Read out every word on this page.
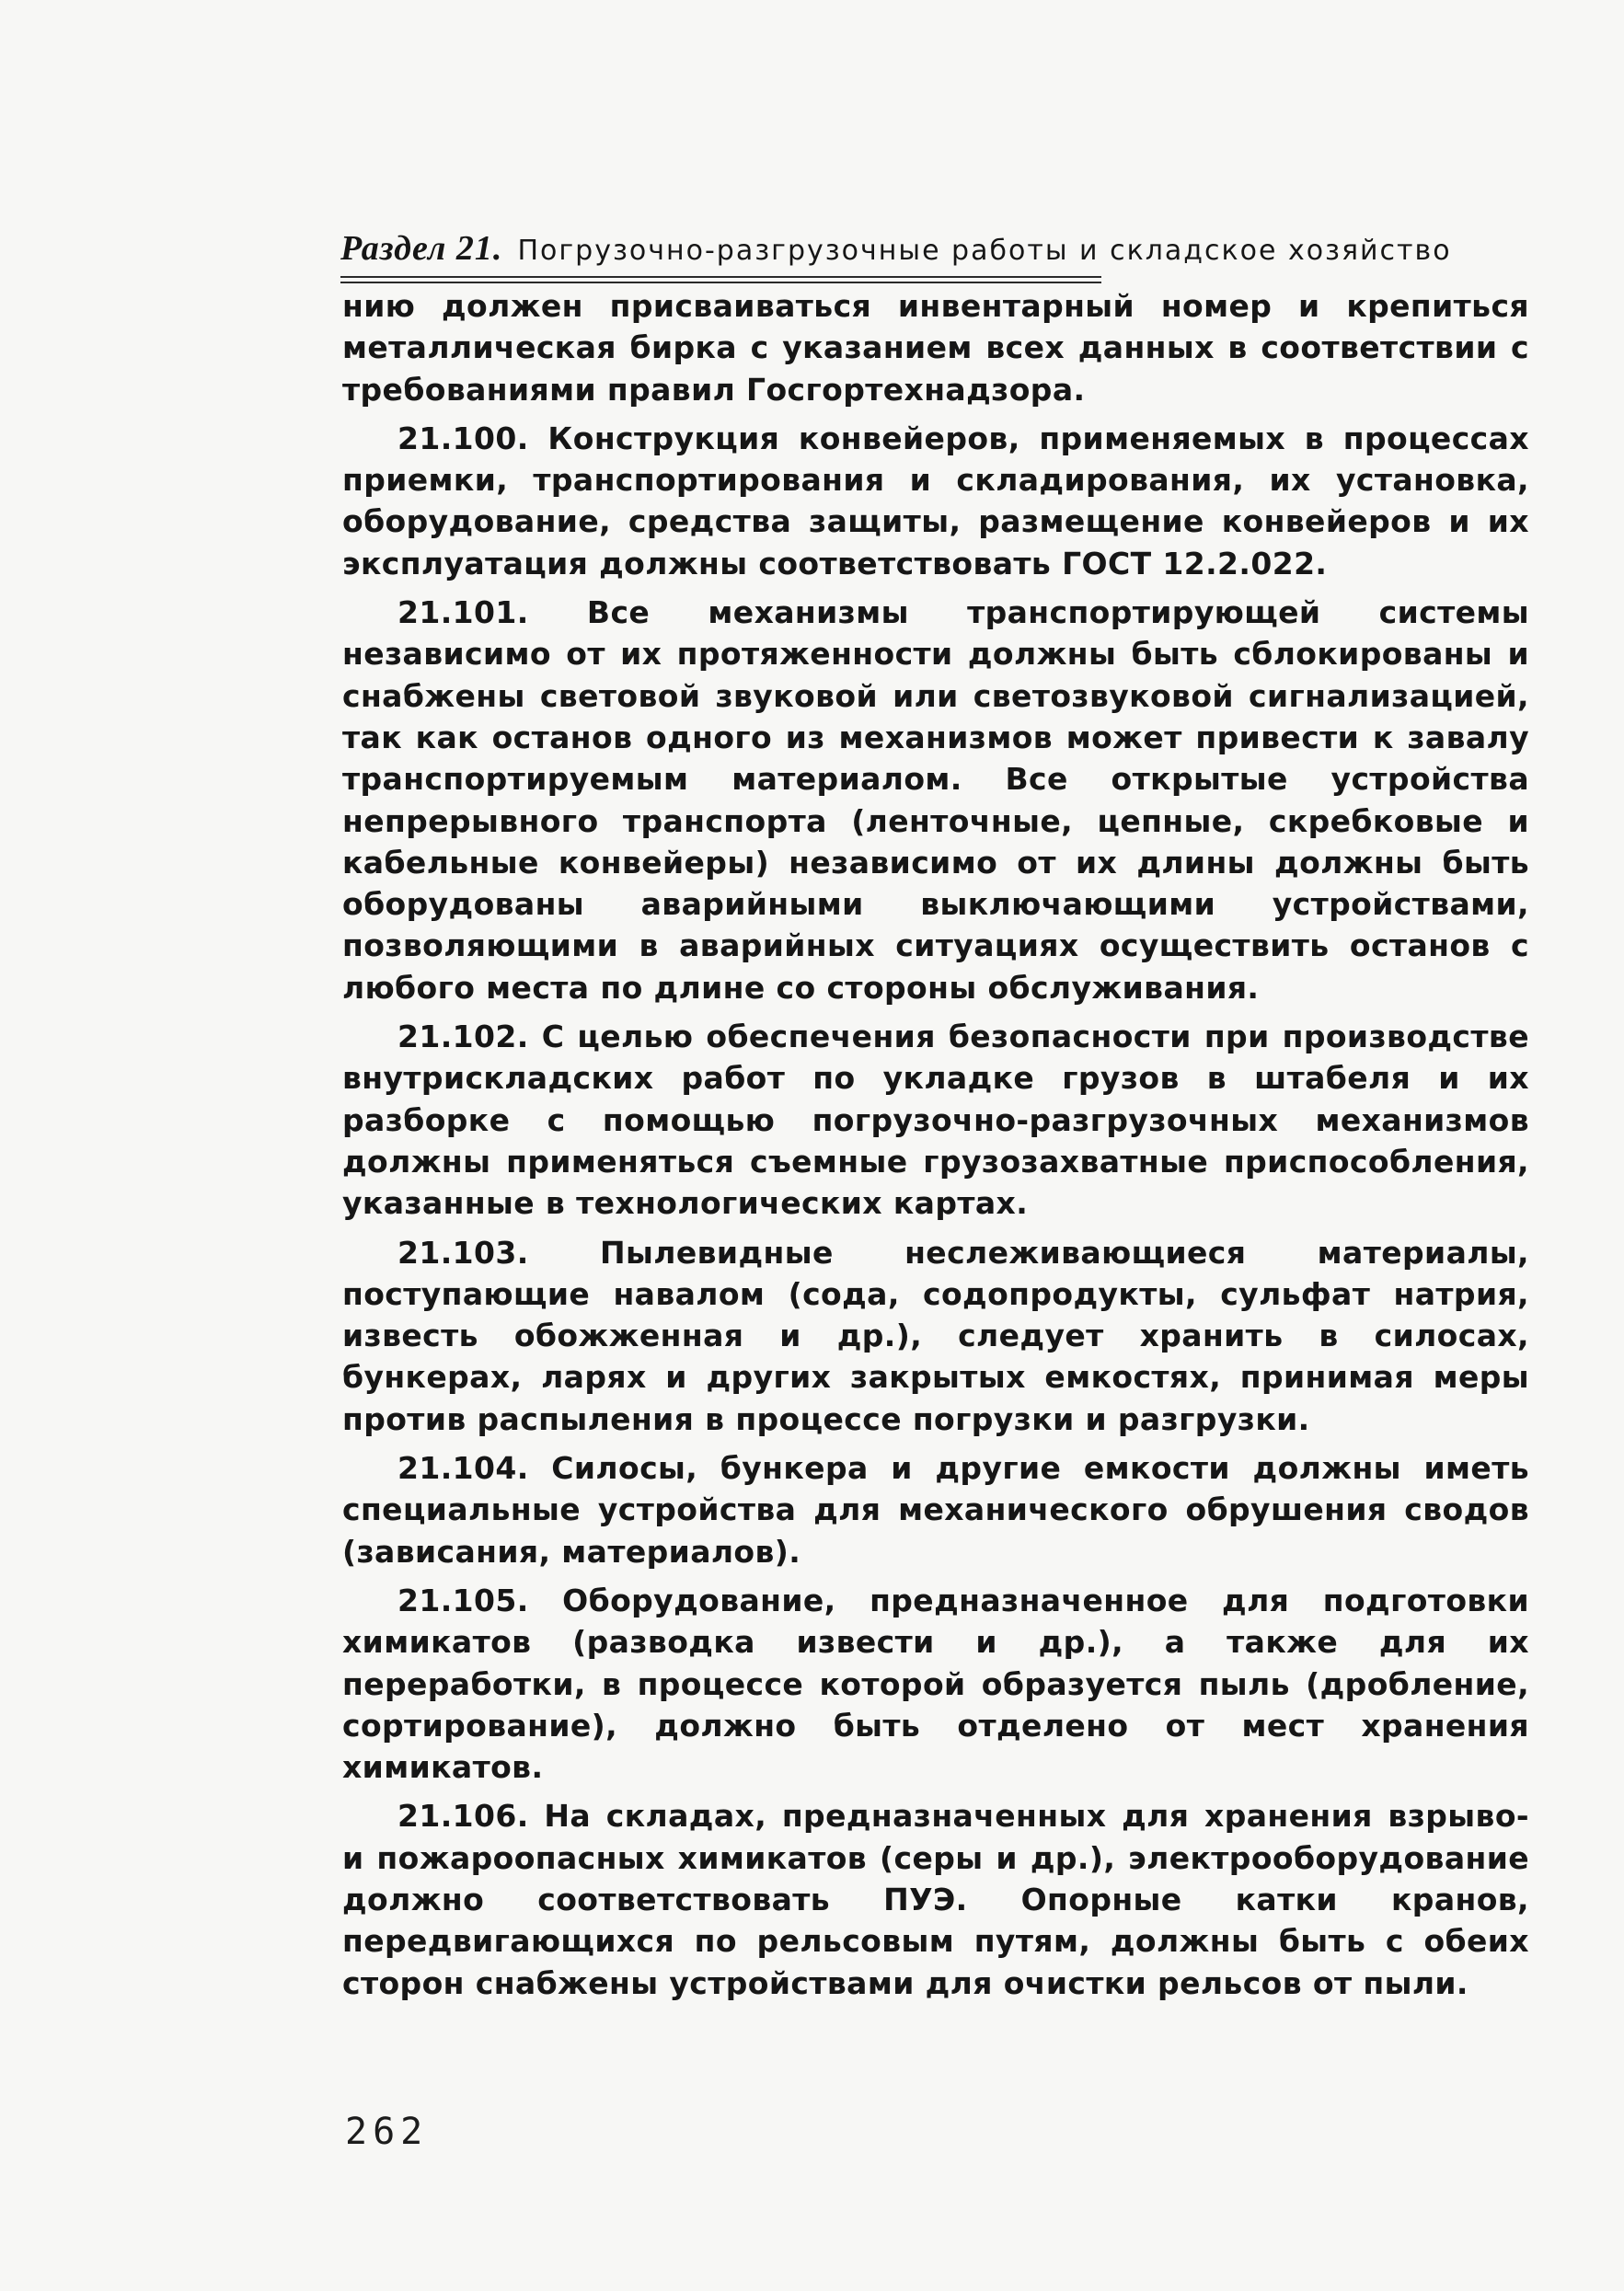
Раздел 21. Погрузочно-разгрузочные работы и складское хозяйство

нию должен присваиваться инвентарный номер и крепиться металлическая бирка с указанием всех данных в соответствии с требованиями правил Госгортехнадзора.

21.100. Конструкция конвейеров, применяемых в процессах приемки, транспортирования и складирования, их установка, оборудование, средства защиты, размещение конвейеров и их эксплуатация должны соответствовать ГОСТ 12.2.022.

21.101. Все механизмы транспортирующей системы независимо от их протяженности должны быть сблокированы и снабжены световой звуковой или светозвуковой сигнализацией, так как останов одного из механизмов может привести к завалу транспортируемым материалом. Все открытые устройства непрерывного транспорта (ленточные, цепные, скребковые и кабельные конвейеры) независимо от их длины должны быть оборудованы аварийными выключающими устройствами, позволяющими в аварийных ситуациях осуществить останов с любого места по длине со стороны обслуживания.

21.102. С целью обеспечения безопасности при производстве внутрискладских работ по укладке грузов в штабеля и их разборке с помощью погрузочно-разгрузочных механизмов должны применяться съемные грузозахватные приспособления, указанные в технологических картах.

21.103. Пылевидные неслеживающиеся материалы, поступающие навалом (сода, содопродукты, сульфат натрия, известь обожженная и др.), следует хранить в силосах, бункерах, ларях и других закрытых емкостях, принимая меры против распыления в процессе погрузки и разгрузки.

21.104. Силосы, бункера и другие емкости должны иметь специальные устройства для механического обрушения сводов (зависания, материалов).

21.105. Оборудование, предназначенное для подготовки химикатов (разводка извести и др.), а также для их переработки, в процессе которой образуется пыль (дробление, сортирование), должно быть отделено от мест хранения химикатов.

21.106. На складах, предназначенных для хранения взрыво- и пожароопасных химикатов (серы и др.), электрооборудование должно соответствовать ПУЭ. Опорные катки кранов, передвигающихся по рельсовым путям, должны быть с обеих сторон снабжены устройствами для очистки рельсов от пыли.

262
